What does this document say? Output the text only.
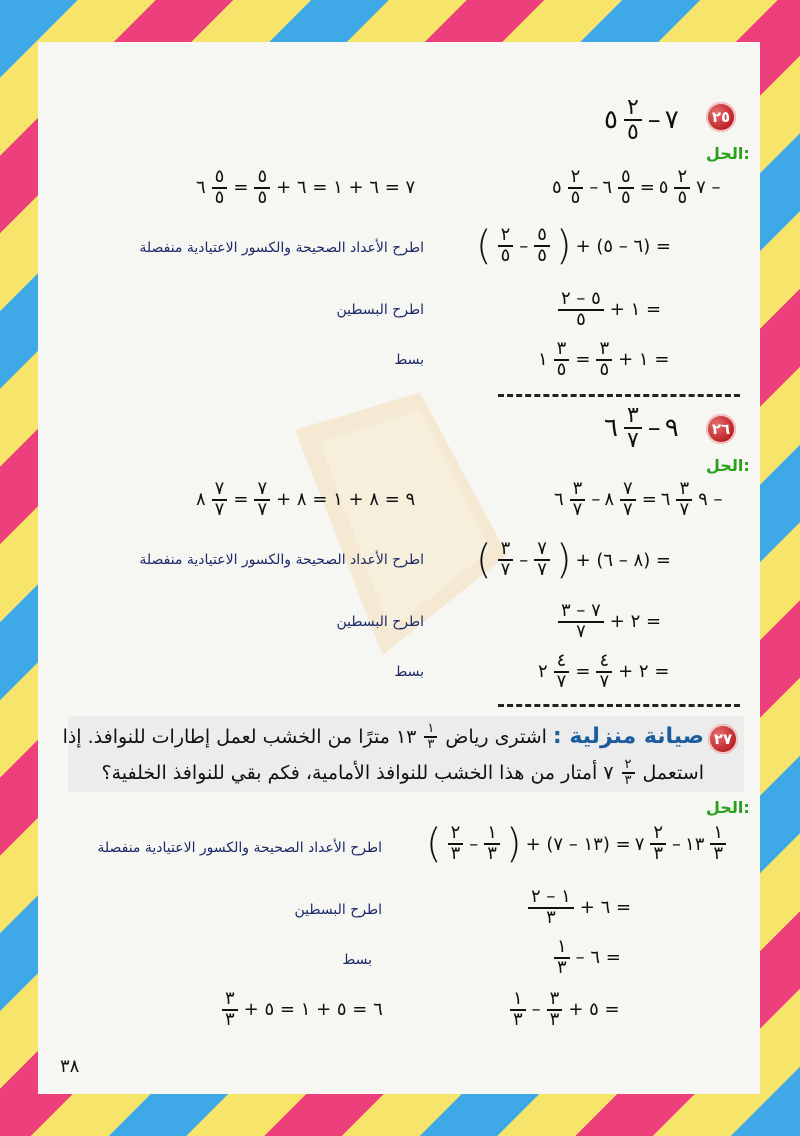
٢٥
٥ $\frac{٢}{٥}$ – ٧
الحل:
٥ $\frac{٢}{٥}$ – ٦ $\frac{٥}{٥}$ = ٥ $\frac{٢}{٥}$ ٧ –
٦ $\frac{٥}{٥} = \frac{٥}{٥}$ ٧ = ٦ + ١ = ٦ +
( $\frac{٢}{٥} - \frac{٥}{٥}$ ) = (٦ – ٥) +
اطرح الأعداد الصحيحة والكسور الاعتيادية منفصلة
$\frac{٥ - ٢}{٥}$ = ١ +
اطرح البسطين
١ $\frac{٣}{٥} = \frac{٣}{٥}$ = ١ +
بسط
٢٦
٦ $\frac{٣}{٧}$ – ٩
الحل:
٦ $\frac{٣}{٧}$ – ٨ $\frac{٧}{٧}$ = ٦ $\frac{٣}{٧}$ ٩ –
٨ $\frac{٧}{٧} = \frac{٧}{٧}$ ٩ = ٨ + ١ = ٨ +
( $\frac{٣}{٧} - \frac{٧}{٧}$ ) = (٨ – ٦) +
اطرح الأعداد الصحيحة والكسور الاعتيادية منفصلة
$\frac{٧ - ٣}{٧}$ = ٢ +
اطرح البسطين
٢ $\frac{٤}{٧} = \frac{٤}{٧}$ = ٢ +
بسط
٢٧
صيانة منزلية :
اشترى رياض
$\frac{١}{٣}$
١٣
مترًا من الخشب لعمل إطارات للنوافذ. إذا
استعمل
$\frac{٢}{٣}$
٧
أمتار من هذا الخشب للنوافذ الأمامية، فكم بقي للنوافذ الخلفية؟
الحل:
( $\frac{٢}{٣} - \frac{١}{٣}$ ) = (١٣ – ٧) + ٧ $\frac{٢}{٣}$ – ١٣ $\frac{١}{٣}$
اطرح الأعداد الصحيحة والكسور الاعتيادية منفصلة
$\frac{١ - ٢}{٣}$ = ٦ +
اطرح البسطين
$\frac{١}{٣}$ = ٦ –
بسط
$\frac{١}{٣} - \frac{٣}{٣}$ = ٥ +
$\frac{٣}{٣}$ ٦ = ٥ + ١ = ٥ +
٣٨
